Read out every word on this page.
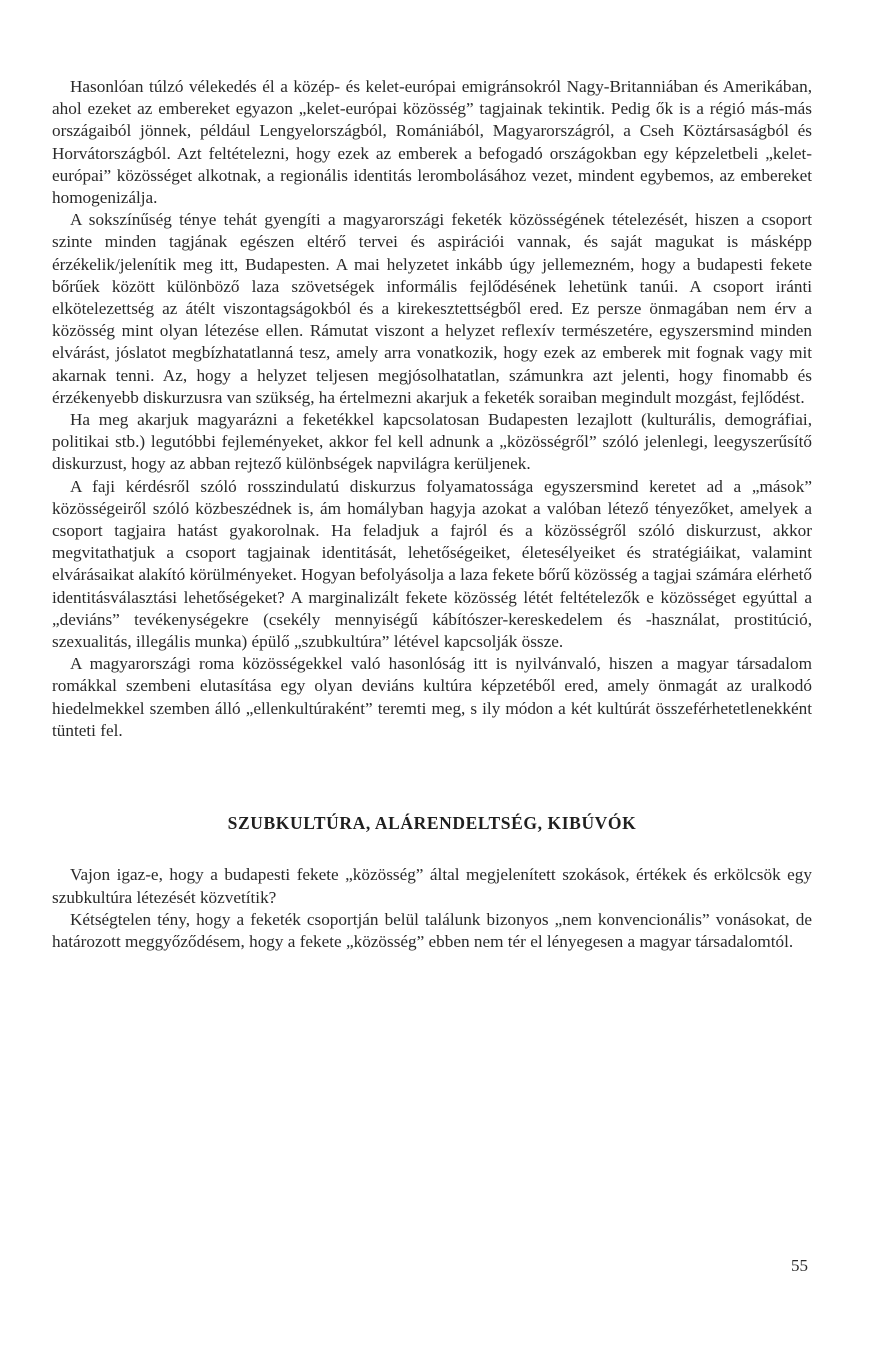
Hasonlóan túlzó vélekedés él a közép- és kelet-európai emigránsokról Nagy-Britanniában és Amerikában, ahol ezeket az embereket egyazon „kelet-európai közösség” tagjainak tekintik. Pedig ők is a régió más-más országaiból jönnek, például Lengyelországból, Romániából, Magyarországról, a Cseh Köztársaságból és Horvátországból. Azt feltételezni, hogy ezek az emberek a befogadó országokban egy képzeletbeli „kelet-európai” közösséget alkotnak, a regionális identitás lerombolásához vezet, mindent egybemos, az embereket homogenizálja.

A sokszínűség ténye tehát gyengíti a magyarországi feketék közösségének tételezését, hiszen a csoport szinte minden tagjának egészen eltérő tervei és aspirációi vannak, és saját magukat is másképp érzékelik/jelenítik meg itt, Budapesten. A mai helyzetet inkább úgy jellemezném, hogy a budapesti fekete bőrűek között különböző laza szövetségek informális fejlődésének lehetünk tanúi. A csoport iránti elkötelezettség az átélt viszontagságokból és a kirekesztettségből ered. Ez persze önmagában nem érv a közösség mint olyan létezése ellen. Rámutat viszont a helyzet reflexív természetére, egyszersmind minden elvárást, jóslatot megbízhatatlanná tesz, amely arra vonatkozik, hogy ezek az emberek mit fognak vagy mit akarnak tenni. Az, hogy a helyzet teljesen megjósolhatatlan, számunkra azt jelenti, hogy finomabb és érzékenyebb diskurzusra van szükség, ha értelmezni akarjuk a feketék soraiban megindult mozgást, fejlődést.

Ha meg akarjuk magyarázni a feketékkel kapcsolatosan Budapesten lezajlott (kulturális, demográfiai, politikai stb.) legutóbbi fejleményeket, akkor fel kell adnunk a „közösségről” szóló jelenlegi, leegyszerűsítő diskurzust, hogy az abban rejtező különbségek napvilágra kerüljenek.

A faji kérdésről szóló rosszindulatú diskurzus folyamatossága egyszersmind keretet ad a „mások” közösségeiről szóló közbeszédnek is, ám homályban hagyja azokat a valóban létező tényezőket, amelyek a csoport tagjaira hatást gyakorolnak. Ha feladjuk a fajról és a közösségről szóló diskurzust, akkor megvitathatjuk a csoport tagjainak identitását, lehetőségeiket, életesélyeiket és stratégiáikat, valamint elvárásaikat alakító körülményeket. Hogyan befolyásolja a laza fekete bőrű közösség a tagjai számára elérhető identitásválasztási lehetőségeket? A marginalizált fekete közösség létét feltételezők e közösséget egyúttal a „deviáns” tevékenységekre (csekély mennyiségű kábítószer-kereskedelem és -használat, prostitúció, szexualitás, illegális munka) épülő „szubkultúra” létével kapcsolják össze.

A magyarországi roma közösségekkel való hasonlóság itt is nyilvánvaló, hiszen a magyar társadalom romákkal szembeni elutasítása egy olyan deviáns kultúra képzetéből ered, amely önmagát az uralkodó hiedelmekkel szemben álló „ellenkultúraként” teremti meg, s ily módon a két kultúrát összeférhetetlenekként tünteti fel.

SZUBKULTÚRA, ALÁRENDELTSÉG, KIBÚVÓK

Vajon igaz-e, hogy a budapesti fekete „közösség” által megjelenített szokások, értékek és erkölcsök egy szubkultúra létezését közvetítik?

Kétségtelen tény, hogy a feketék csoportján belül találunk bizonyos „nem konvencionális” vonásokat, de határozott meggyőződésem, hogy a fekete „közösség” ebben nem tér el lényegesen a magyar társadalomtól.

55
